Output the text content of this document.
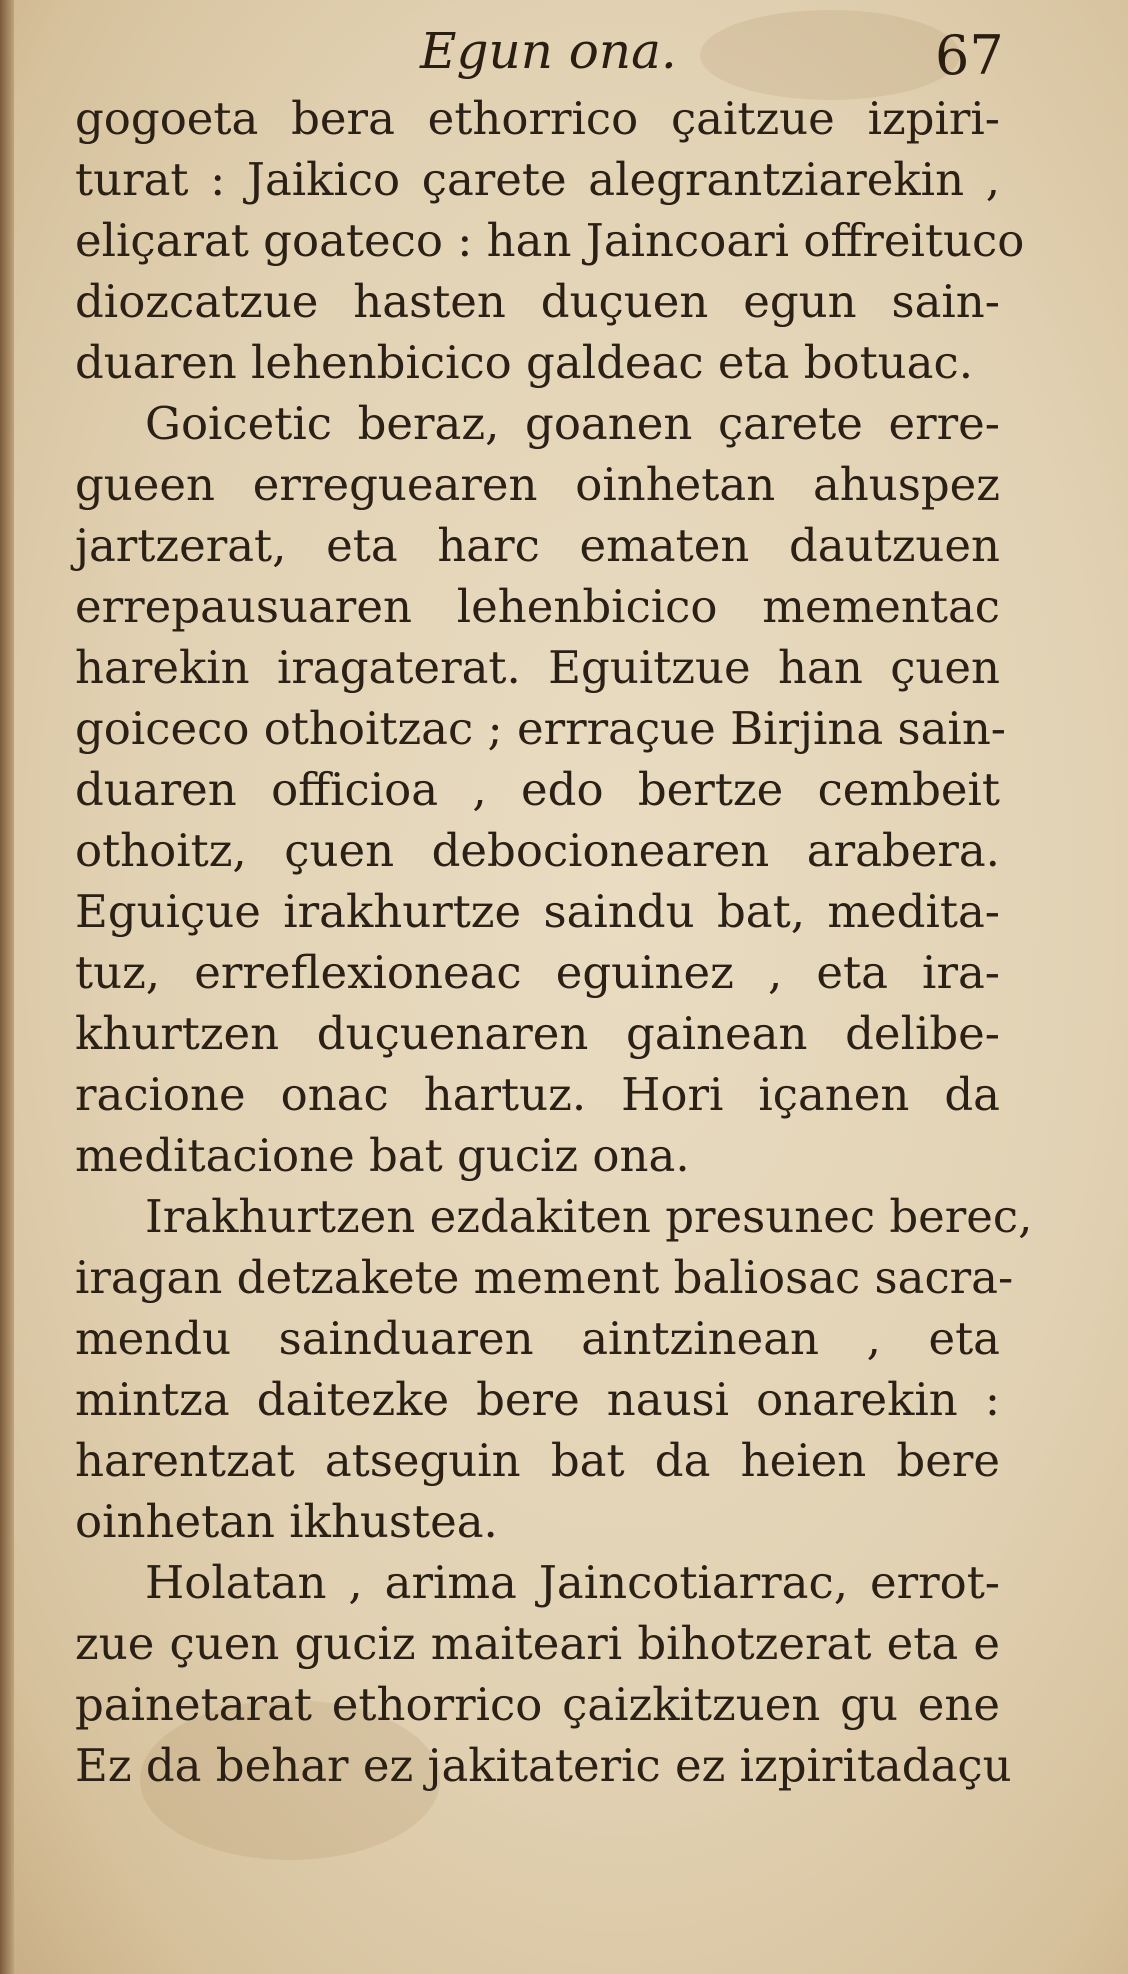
Egun ona.	67
gogoeta bera ethorrico çaitzue izpiri-
turat : Jaikico çarete alegrantziarekin ,
eliçarat goateco : han Jaincoari offreituco
diozcatzue hasten duçuen egun sain-
duaren lehenbicico galdeac eta botuac.
Goicetic beraz, goanen çarete erre-
gueen erreguearen oinhetan ahuspez
jartzerat, eta harc ematen dautzuen
errepausuaren lehenbicico mementac
harekin iragaterat. Eguitzue han çuen
goiceco othoitzac ; errraçue Birjina sain-
duaren officioa , edo bertze cembeit
othoitz, çuen debocionearen arabera.
Eguiçue irakhurtze saindu bat, medita-
tuz, erreflexioneac eguinez , eta ira-
khurtzen duçuenaren gainean delibe-
racione onac hartuz. Hori içanen da
meditacione bat guciz ona.
Irakhurtzen ezdakiten presunec berec,
iragan detzakete mement baliosac sacra-
mendu sainduaren aintzinean , eta
mintza daitezke bere nausi onarekin :
harentzat atseguin bat da heien bere
oinhetan ikhustea.
Holatan , arima Jaincotiarrac, errot-
zue çuen guciz maiteari bihotzerat eta e
painetarat ethorrico çaizkitzuen gu ene
Ez da behar ez jakitateric ez izpiritadaçu
